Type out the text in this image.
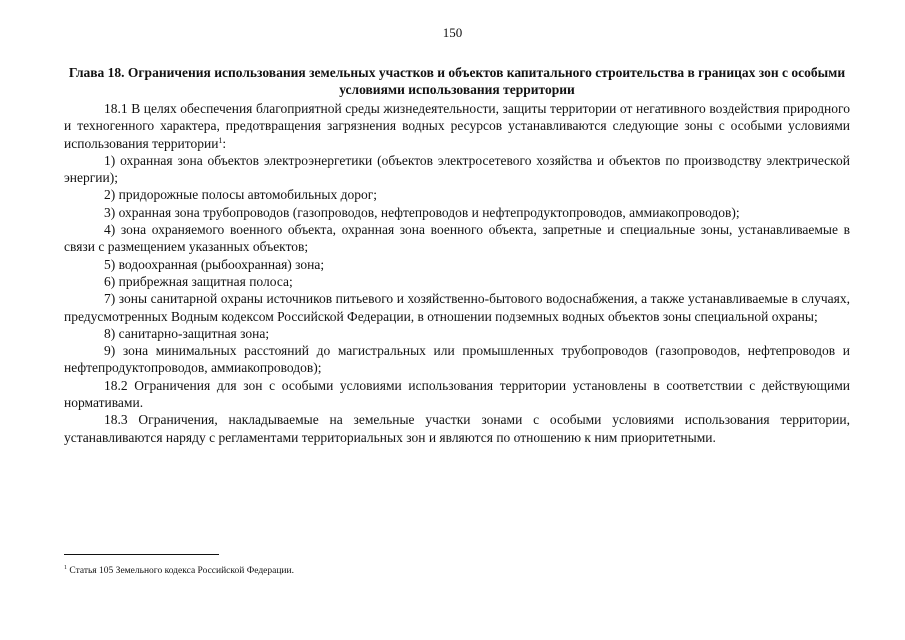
150
Глава 18. Ограничения использования земельных участков и объектов капитального строительства в границах зон с особыми условиями использования территории

18.1 В целях обеспечения благоприятной среды жизнедеятельности, защиты территории от негативного воздействия природного и техногенного характера, предотвращения загрязнения водных ресурсов устанавливаются следующие зоны с особыми условиями использования территории$^1$:

1) охранная зона объектов электроэнергетики (объектов электросетевого хозяйства и объектов по производству электрической энергии);

2) придорожные полосы автомобильных дорог;

3) охранная зона трубопроводов (газопроводов, нефтепроводов и нефтепродуктопроводов, аммиакопроводов);

4) зона охраняемого военного объекта, охранная зона военного объекта, запретные и специальные зоны, устанавливаемые в связи с размещением указанных объектов;

5) водоохранная (рыбоохранная) зона;

6) прибрежная защитная полоса;

7) зоны санитарной охраны источников питьевого и хозяйственно-бытового водоснабжения, а также устанавливаемые в случаях, предусмотренных Водным кодексом Российской Федерации, в отношении подземных водных объектов зоны специальной охраны;

8) санитарно-защитная зона;

9) зона минимальных расстояний до магистральных или промышленных трубопроводов (газопроводов, нефтепроводов и нефтепродуктопроводов, аммиакопроводов);

18.2 Ограничения для зон с особыми условиями использования территории установлены в соответствии с действующими нормативами.

18.3 Ограничения, накладываемые на земельные участки зонами с особыми условиями использования территории, устанавливаются наряду с регламентами территориальных зон и являются по отношению к ним приоритетными.

$^1$ Статья 105 Земельного кодекса Российской Федерации.
